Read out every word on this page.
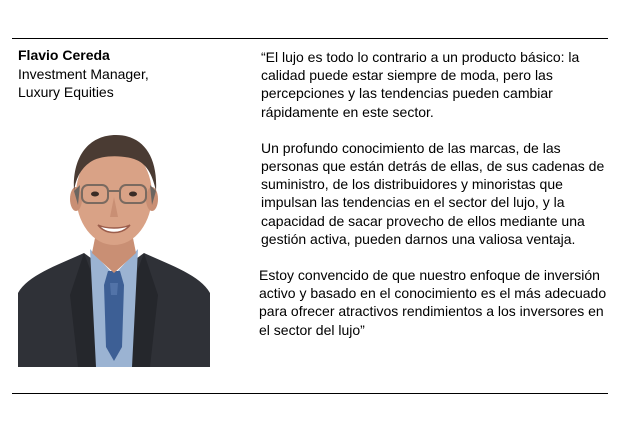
Flavio Cereda

Investment Manager,

Luxury Equities

“El lujo es todo lo contrario a un producto básico: la calidad puede estar siempre de moda, pero las percepciones y las tendencias pueden cambiar rápidamente en este sector.

Un profundo conocimiento de las marcas, de las personas que están detrás de ellas, de sus cadenas de suministro, de los distribuidores y minoristas que impulsan las tendencias en el sector del lujo, y la capacidad de sacar provecho de ellos mediante una gestión activa, pueden darnos una valiosa ventaja.

Estoy convencido de que nuestro enfoque de inversión activo y basado en el conocimiento es el más adecuado para ofrecer atractivos rendimientos a los inversores en el sector del lujo”
